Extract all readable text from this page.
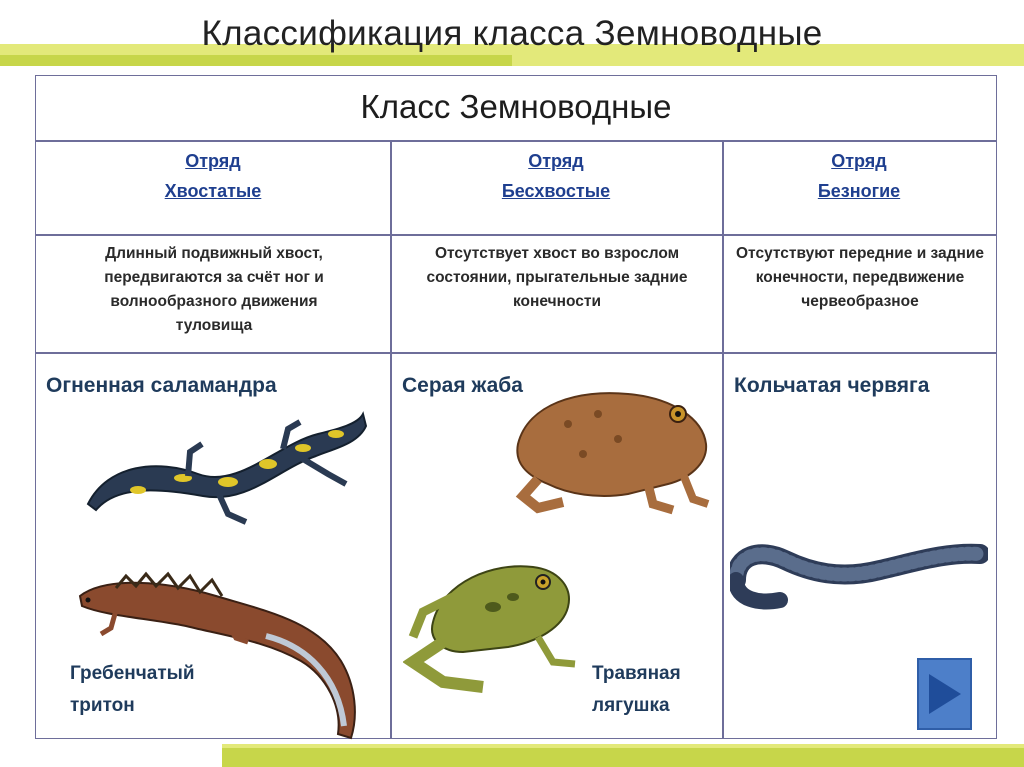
Классификация класса Земноводные
Класс Земноводные
Отряд
Хвостатые
Отряд
Бесхвостые
Отряд
Безногие
Длинный подвижный хвост, передвигаются за счёт ног и волнообразного движения туловища
Отсутствует хвост во взрослом состоянии, прыгательные задние конечности
Отсутствуют передние и задние конечности, передвижение червеобразное
Огненная саламандра
Гребенчатый тритон
Серая жаба
Травяная лягушка
Кольчатая червяга
